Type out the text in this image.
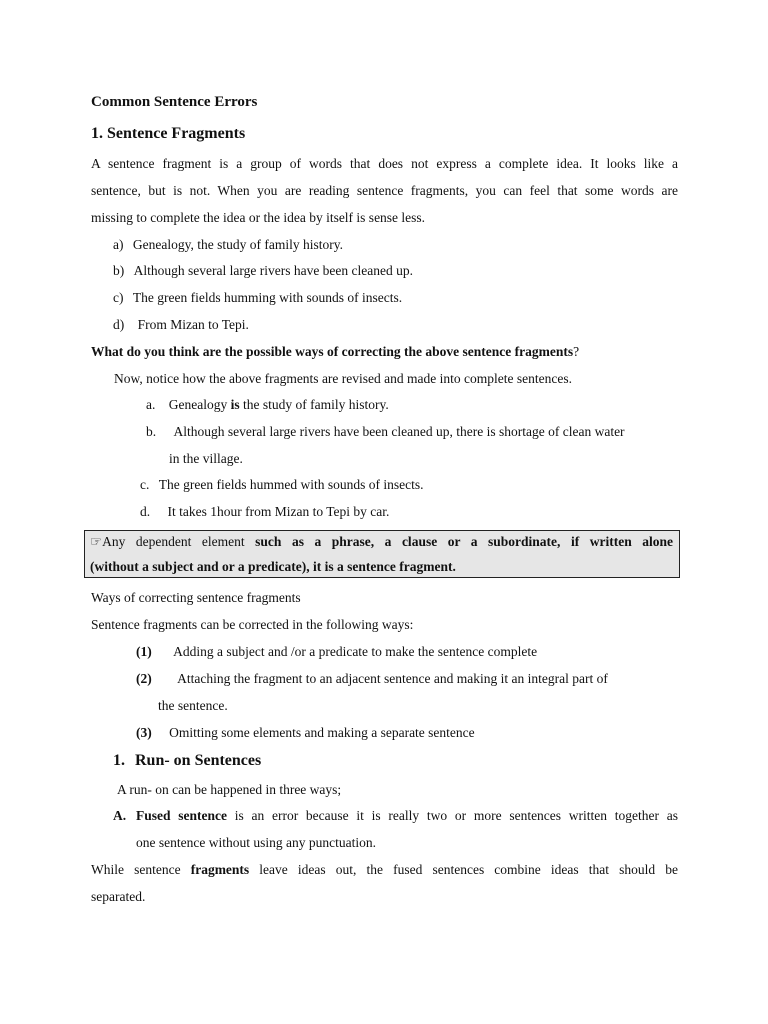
Common Sentence Errors
1. Sentence Fragments
A sentence fragment is a group of words that does not express a complete idea. It looks like a
sentence, but is not. When you are reading sentence fragments, you can feel that some words are
missing to complete the idea or the idea by itself is sense less.
a) Genealogy, the study of family history.
b) Although several large rivers have been cleaned up.
c) The green fields humming with sounds of insects.
d) From Mizan to Tepi.
What do you think are the possible ways of correcting the above sentence fragments?
Now, notice how the above fragments are revised and made into complete sentences.
a. Genealogy is the study of family history.
b. Although several large rivers have been cleaned up, there is shortage of clean water
in the village.
c. The green fields hummed with sounds of insects.
d. It takes 1hour from Mizan to Tepi by car.
☞Any dependent element such as a phrase, a clause or a subordinate, if written alone
(without a subject and or a predicate), it is a sentence fragment.
Ways of correcting sentence fragments
Sentence fragments can be corrected in the following ways:
(1) Adding a subject and /or a predicate to make the sentence complete
(2) Attaching the fragment to an adjacent sentence and making it an integral part of
the sentence.
(3) Omitting some elements and making a separate sentence
1. Run- on Sentences
A run- on can be happened in three ways;
A. Fused sentence is an error because it is really two or more sentences written together as
one sentence without using any punctuation.
While sentence fragments leave ideas out, the fused sentences combine ideas that should be
separated.
